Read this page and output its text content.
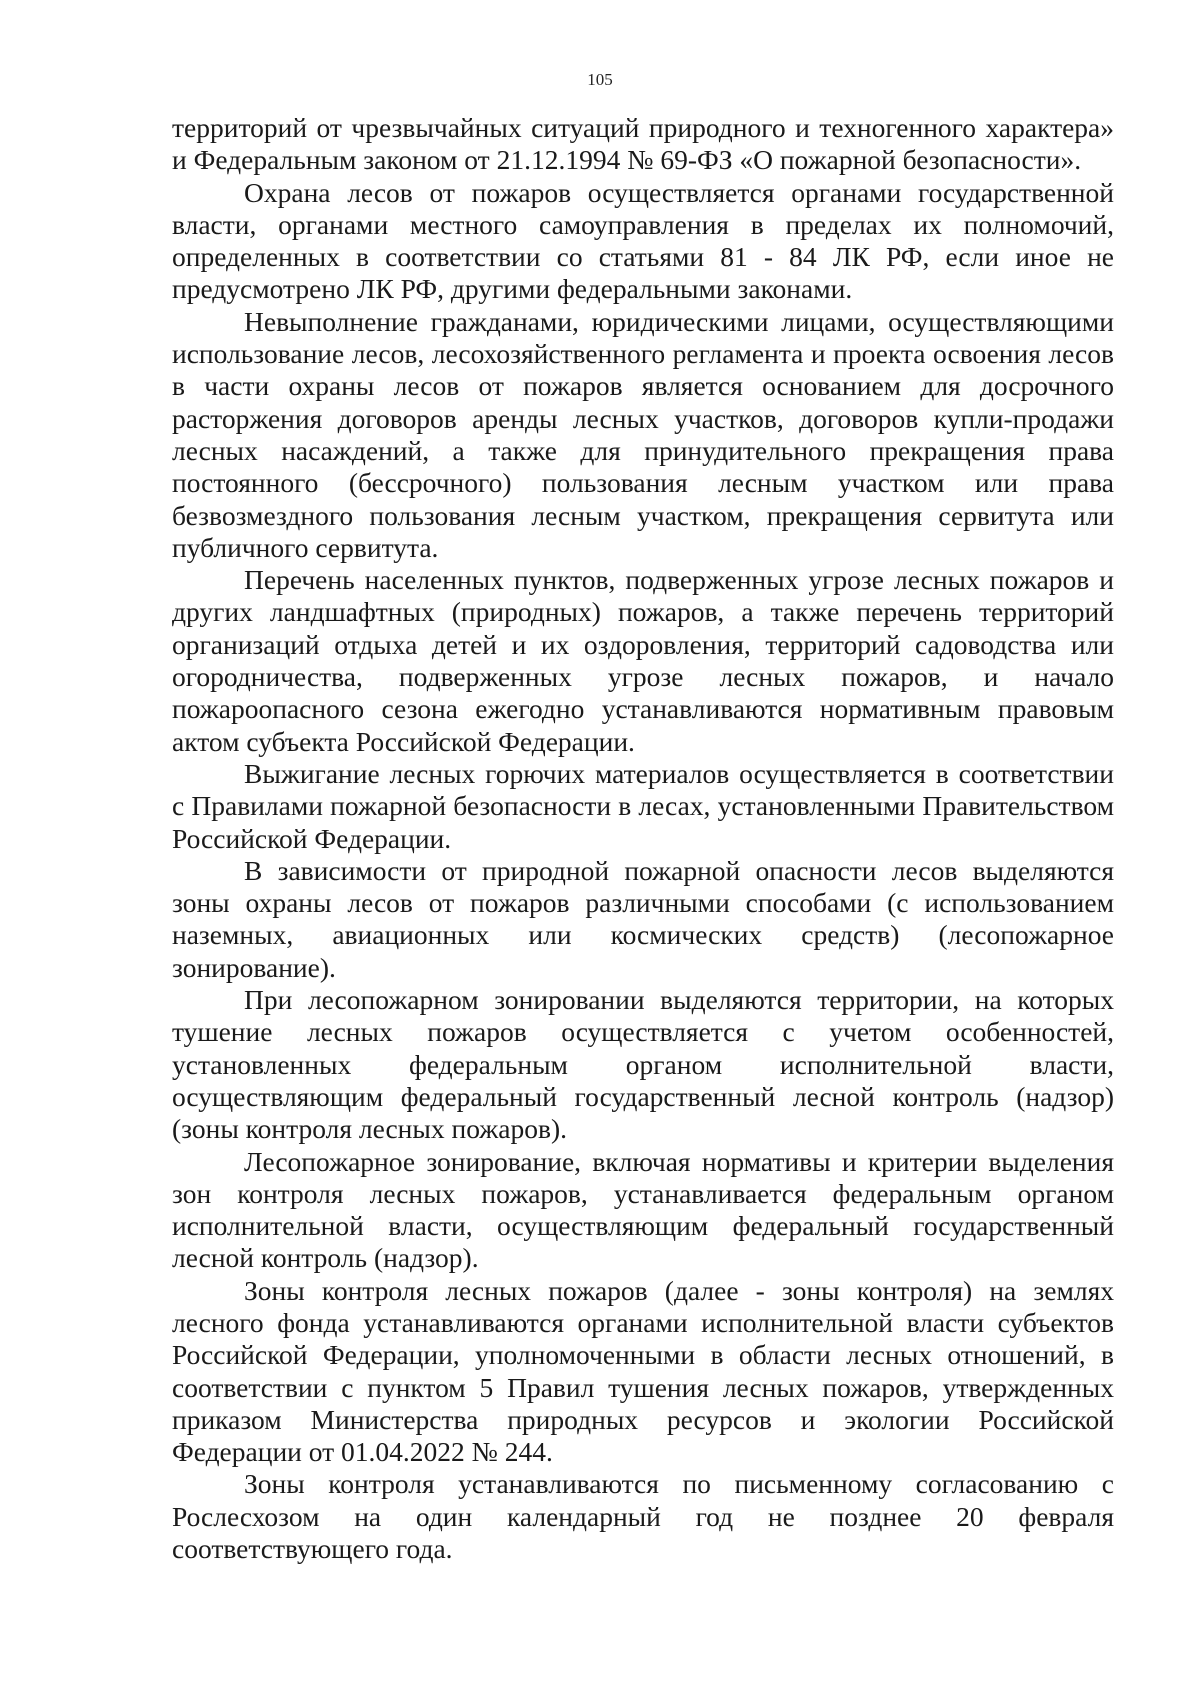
105

территорий от чрезвычайных ситуаций природного и техногенного характера» и Федеральным законом от 21.12.1994 № 69-ФЗ «О пожарной безопасности».

Охрана лесов от пожаров осуществляется органами государственной власти, органами местного самоуправления в пределах их полномочий, определенных в соответствии со статьями 81 - 84 ЛК РФ, если иное не предусмотрено ЛК РФ, другими федеральными законами.

Невыполнение гражданами, юридическими лицами, осуществляющими использование лесов, лесохозяйственного регламента и проекта освоения лесов в части охраны лесов от пожаров является основанием для досрочного расторжения договоров аренды лесных участков, договоров купли-продажи лесных насаждений, а также для принудительного прекращения права постоянного (бессрочного) пользования лесным участком или права безвозмездного пользования лесным участком, прекращения сервитута или публичного сервитута.

Перечень населенных пунктов, подверженных угрозе лесных пожаров и других ландшафтных (природных) пожаров, а также перечень территорий организаций отдыха детей и их оздоровления, территорий садоводства или огородничества, подверженных угрозе лесных пожаров, и начало пожароопасного сезона ежегодно устанавливаются нормативным правовым актом субъекта Российской Федерации.

Выжигание лесных горючих материалов осуществляется в соответствии с Правилами пожарной безопасности в лесах, установленными Правительством Российской Федерации.

В зависимости от природной пожарной опасности лесов выделяются зоны охраны лесов от пожаров различными способами (с использованием наземных, авиационных или космических средств) (лесопожарное зонирование).

При лесопожарном зонировании выделяются территории, на которых тушение лесных пожаров осуществляется с учетом особенностей, установленных федеральным органом исполнительной власти, осуществляющим федеральный государственный лесной контроль (надзор) (зоны контроля лесных пожаров).

Лесопожарное зонирование, включая нормативы и критерии выделения зон контроля лесных пожаров, устанавливается федеральным органом исполнительной власти, осуществляющим федеральный государственный лесной контроль (надзор).

Зоны контроля лесных пожаров (далее - зоны контроля) на землях лесного фонда устанавливаются органами исполнительной власти субъектов Российской Федерации, уполномоченными в области лесных отношений, в соответствии с пунктом 5 Правил тушения лесных пожаров, утвержденных приказом Министерства природных ресурсов и экологии Российской Федерации от 01.04.2022 № 244.

Зоны контроля устанавливаются по письменному согласованию с Рослесхозом на один календарный год не позднее 20 февраля соответствующего года.
